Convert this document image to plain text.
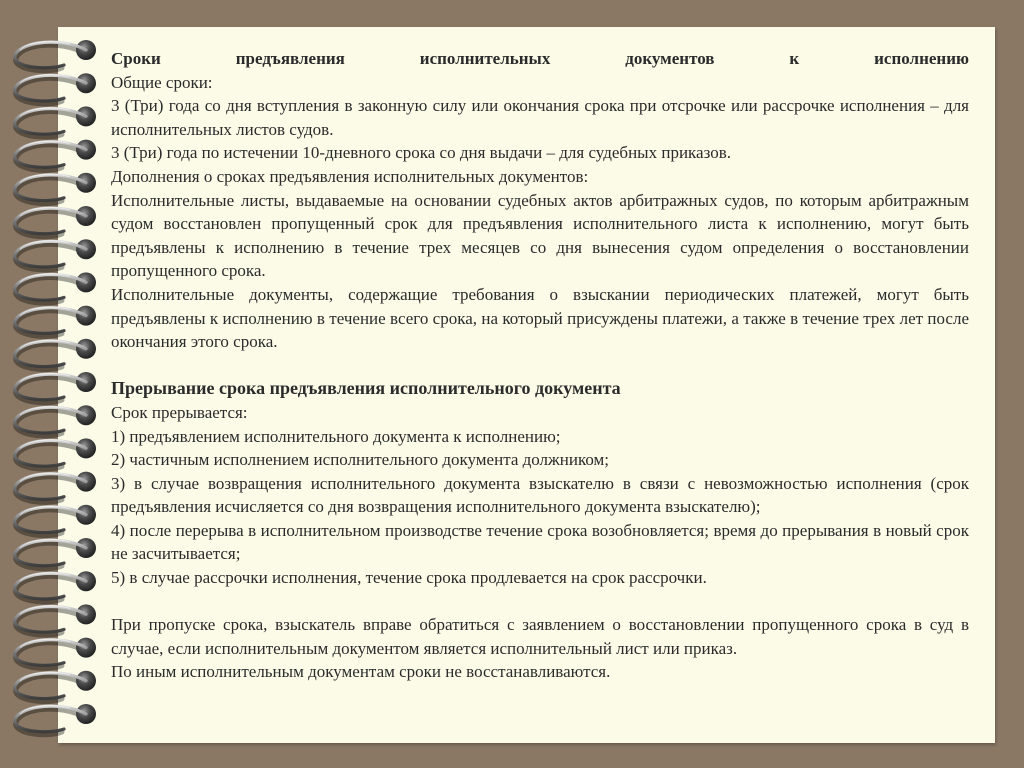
Сроки предъявления исполнительных документов к исполнению

Общие сроки:

3 (Три) года со дня вступления в законную силу или окончания срока при отсрочке или рассрочке исполнения – для исполнительных листов судов.

3 (Три) года по истечении 10-дневного срока со дня выдачи – для судебных приказов.

Дополнения о сроках предъявления исполнительных документов:

Исполнительные листы, выдаваемые на основании судебных актов арбитражных судов, по которым арбитражным судом восстановлен пропущенный срок для предъявления исполнительного листа к исполнению, могут быть предъявлены к исполнению в течение трех месяцев со дня вынесения судом определения о восстановлении пропущенного срока.

Исполнительные документы, содержащие требования о взыскании периодических платежей, могут быть предъявлены к исполнению в течение всего срока, на который присуждены платежи, а также в течение трех лет после окончания этого срока.

Прерывание срока предъявления исполнительного документа

Срок прерывается:

1) предъявлением исполнительного документа к исполнению;

2) частичным исполнением исполнительного документа должником;

3) в случае возвращения исполнительного документа взыскателю в связи с невозможностью исполнения (срок предъявления исчисляется со дня возвращения исполнительного документа взыскателю);

4) после перерыва в исполнительном производстве течение срока возобновляется; время до прерывания в новый срок не засчитывается;

5) в случае рассрочки исполнения, течение срока продлевается на срок рассрочки.

При пропуске срока, взыскатель вправе обратиться с заявлением о восстановлении пропущенного срока в суд в случае, если исполнительным документом является исполнительный лист или приказ.

По иным исполнительным документам сроки не восстанавливаются.
